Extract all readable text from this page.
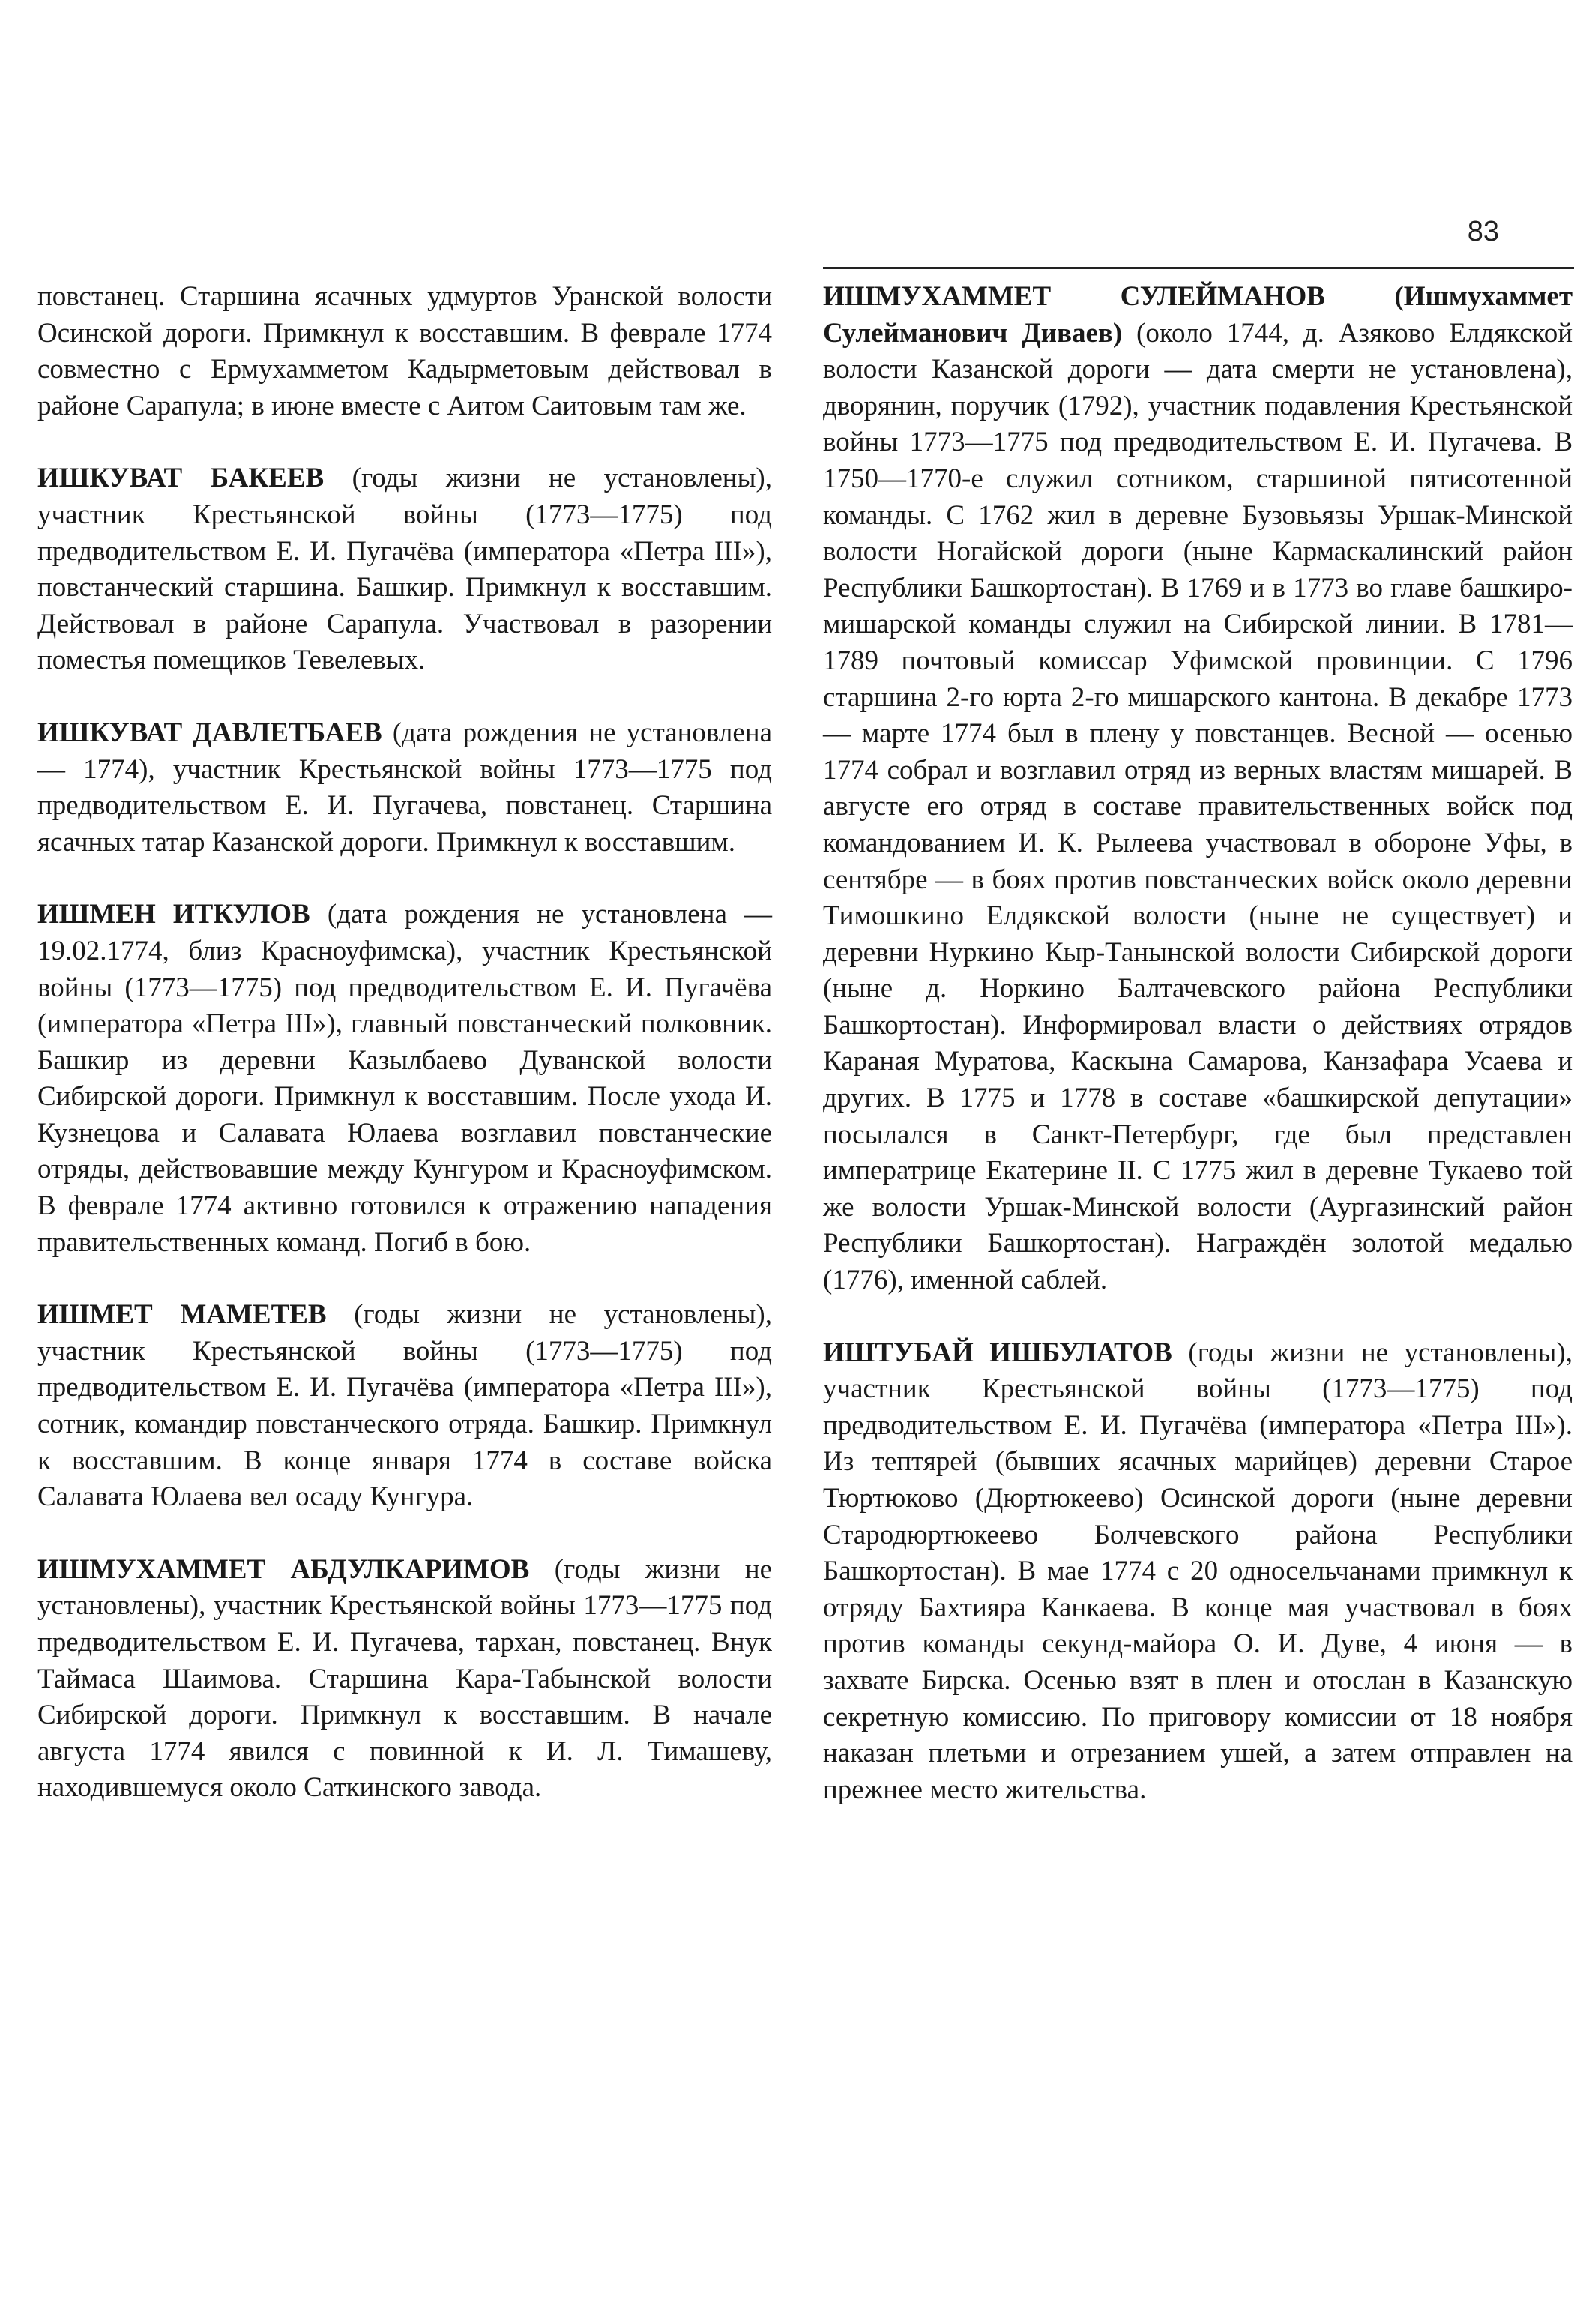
83

повстанец. Старшина ясачных удмуртов Уранской волости Осинской дороги. Примкнул к восставшим. В феврале 1774 совместно с Ермухамметом Кадырметовым действовал в районе Сарапула; в июне вместе с Аитом Саитовым там же.

ИШКУВАТ БАКЕЕВ (годы жизни не установлены), участник Крестьянской войны (1773—1775) под предводительством Е. И. Пугачёва (императора «Петра III»), повстанческий старшина. Башкир. Примкнул к восставшим. Действовал в районе Сарапула. Участвовал в разорении поместья помещиков Тевелевых.

ИШКУВАТ ДАВЛЕТБАЕВ (дата рождения не установлена — 1774), участник Крестьянской войны 1773—1775 под предводительством Е. И. Пугачева, повстанец. Старшина ясачных татар Казанской дороги. Примкнул к восставшим.

ИШМЕН ИТКУЛОВ (дата рождения не установлена — 19.02.1774, близ Красноуфимска), участник Крестьянской войны (1773—1775) под предводительством Е. И. Пугачёва (императора «Петра III»), главный повстанческий полковник. Башкир из деревни Казылбаево Дуванской волости Сибирской дороги. Примкнул к восставшим. После ухода И. Кузнецова и Салавата Юлаева возглавил повстанческие отряды, действовавшие между Кунгуром и Красноуфимском. В феврале 1774 активно готовился к отражению нападения правительственных команд. Погиб в бою.

ИШМЕТ МАМЕТЕВ (годы жизни не установлены), участник Крестьянской войны (1773—1775) под предводительством Е. И. Пугачёва (императора «Петра III»), сотник, командир повстанческого отряда. Башкир. Примкнул к восставшим. В конце января 1774 в составе войска Салавата Юлаева вел осаду Кунгура.

ИШМУХАММЕТ АБДУЛКАРИМОВ (годы жизни не установлены), участник Крестьянской войны 1773—1775 под предводительством Е. И. Пугачева, тархан, повстанец. Внук Таймаса Шаимова. Старшина Кара-Табынской волости Сибирской дороги. Примкнул к восставшим. В начале августа 1774 явился с повинной к И. Л. Тимашеву, находившемуся около Саткинского завода.

ИШМУХАММЕТ СУЛЕЙМАНОВ (Ишмухаммет Сулейманович Диваев) (около 1744, д. Азяково Елдякской волости Казанской дороги — дата смерти не установлена), дворянин, поручик (1792), участник подавления Крестьянской войны 1773—1775 под предводительством Е. И. Пугачева. В 1750—1770-е служил сотником, старшиной пятисотенной команды. С 1762 жил в деревне Бузовьязы Уршак-Минской волости Ногайской дороги (ныне Кармаскалинский район Республики Башкортостан). В 1769 и в 1773 во главе башкиро-мишарской команды служил на Сибирской линии. В 1781—1789 почтовый комиссар Уфимской провинции. С 1796 старшина 2-го юрта 2-го мишарского кантона. В декабре 1773 — марте 1774 был в плену у повстанцев. Весной — осенью 1774 собрал и возглавил отряд из верных властям мишарей. В августе его отряд в составе правительственных войск под командованием И. К. Рылеева участвовал в обороне Уфы, в сентябре — в боях против повстанческих войск около деревни Тимошкино Елдякской волости (ныне не существует) и деревни Нуркино Кыр-Танынской волости Сибирской дороги (ныне д. Норкино Балтачевского района Республики Башкортостан). Информировал власти о действиях отрядов Караная Муратова, Каскына Самарова, Канзафара Усаева и других. В 1775 и 1778 в составе «башкирской депутации» посылался в Санкт-Петербург, где был представлен императрице Екатерине II. С 1775 жил в деревне Тукаево той же волости Уршак-Минской волости (Аургазинский район Республики Башкортостан). Награждён золотой медалью (1776), именной саблей.

ИШТУБАЙ ИШБУЛАТОВ (годы жизни не установлены), участник Крестьянской войны (1773—1775) под предводительством Е. И. Пугачёва (императора «Петра III»). Из тептярей (бывших ясачных марийцев) деревни Старое Тюртюково (Дюртюкеево) Осинской дороги (ныне деревни Стародюртюкеево Болчевского района Республики Башкортостан). В мае 1774 с 20 односельчанами примкнул к отряду Бахтияра Канкаева. В конце мая участвовал в боях против команды секунд-майора О. И. Дуве, 4 июня — в захвате Бирска. Осенью взят в плен и отослан в Казанскую секретную комиссию. По приговору комиссии от 18 ноября наказан плетьми и отрезанием ушей, а затем отправлен на прежнее место жительства.
